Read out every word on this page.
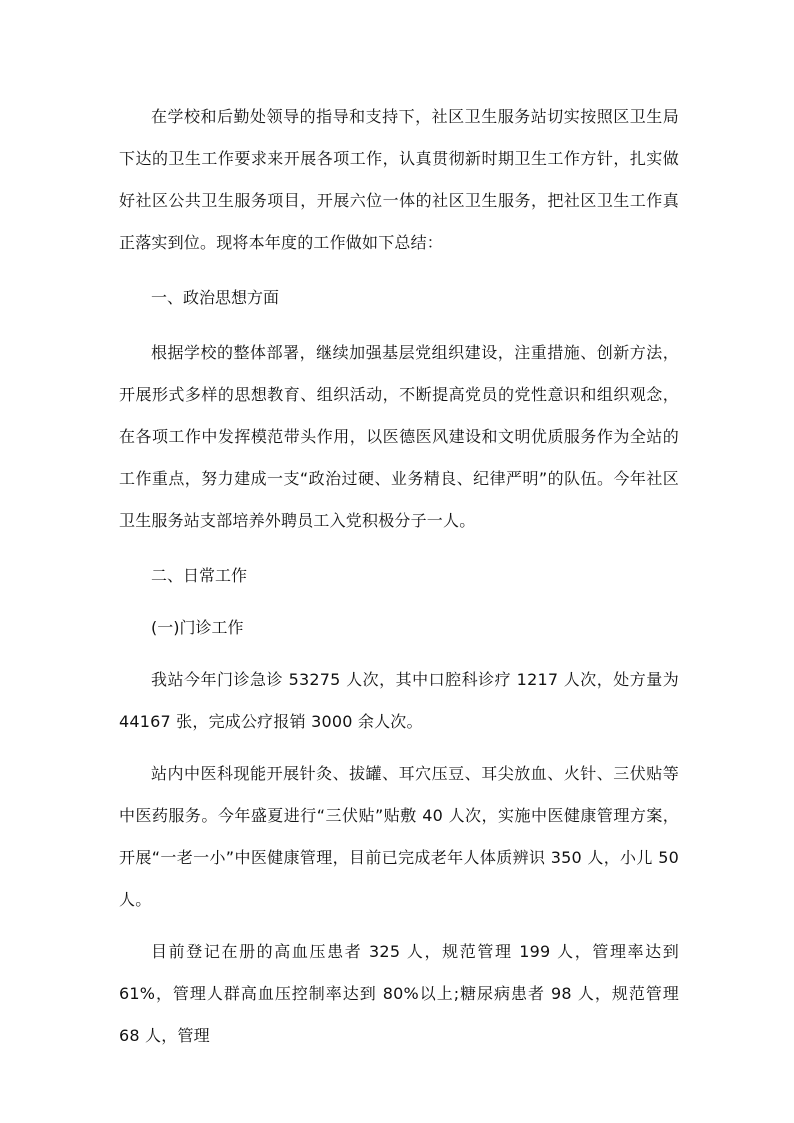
在学校和后勤处领导的指导和支持下，社区卫生服务站切实按照区卫生局下达的卫生工作要求来开展各项工作，认真贯彻新时期卫生工作方针，扎实做好社区公共卫生服务项目，开展六位一体的社区卫生服务，把社区卫生工作真正落实到位。现将本年度的工作做如下总结：

一、政治思想方面

根据学校的整体部署，继续加强基层党组织建设，注重措施、创新方法，开展形式多样的思想教育、组织活动，不断提高党员的党性意识和组织观念，在各项工作中发挥模范带头作用，以医德医风建设和文明优质服务作为全站的工作重点，努力建成一支“政治过硬、业务精良、纪律严明”的队伍。今年社区卫生服务站支部培养外聘员工入党积极分子一人。

二、日常工作

(一)门诊工作

我站今年门诊急诊 53275 人次，其中口腔科诊疗 1217 人次，处方量为 44167 张，完成公疗报销 3000 余人次。

站内中医科现能开展针灸、拔罐、耳穴压豆、耳尖放血、火针、三伏贴等中医药服务。今年盛夏进行“三伏贴”贴敷 40 人次，实施中医健康管理方案，开展“一老一小”中医健康管理，目前已完成老年人体质辨识 350 人，小儿 50 人。

目前登记在册的高血压患者 325 人，规范管理 199 人，管理率达到 61%，管理人群高血压控制率达到 80%以上;糖尿病患者 98 人，规范管理 68 人，管理
